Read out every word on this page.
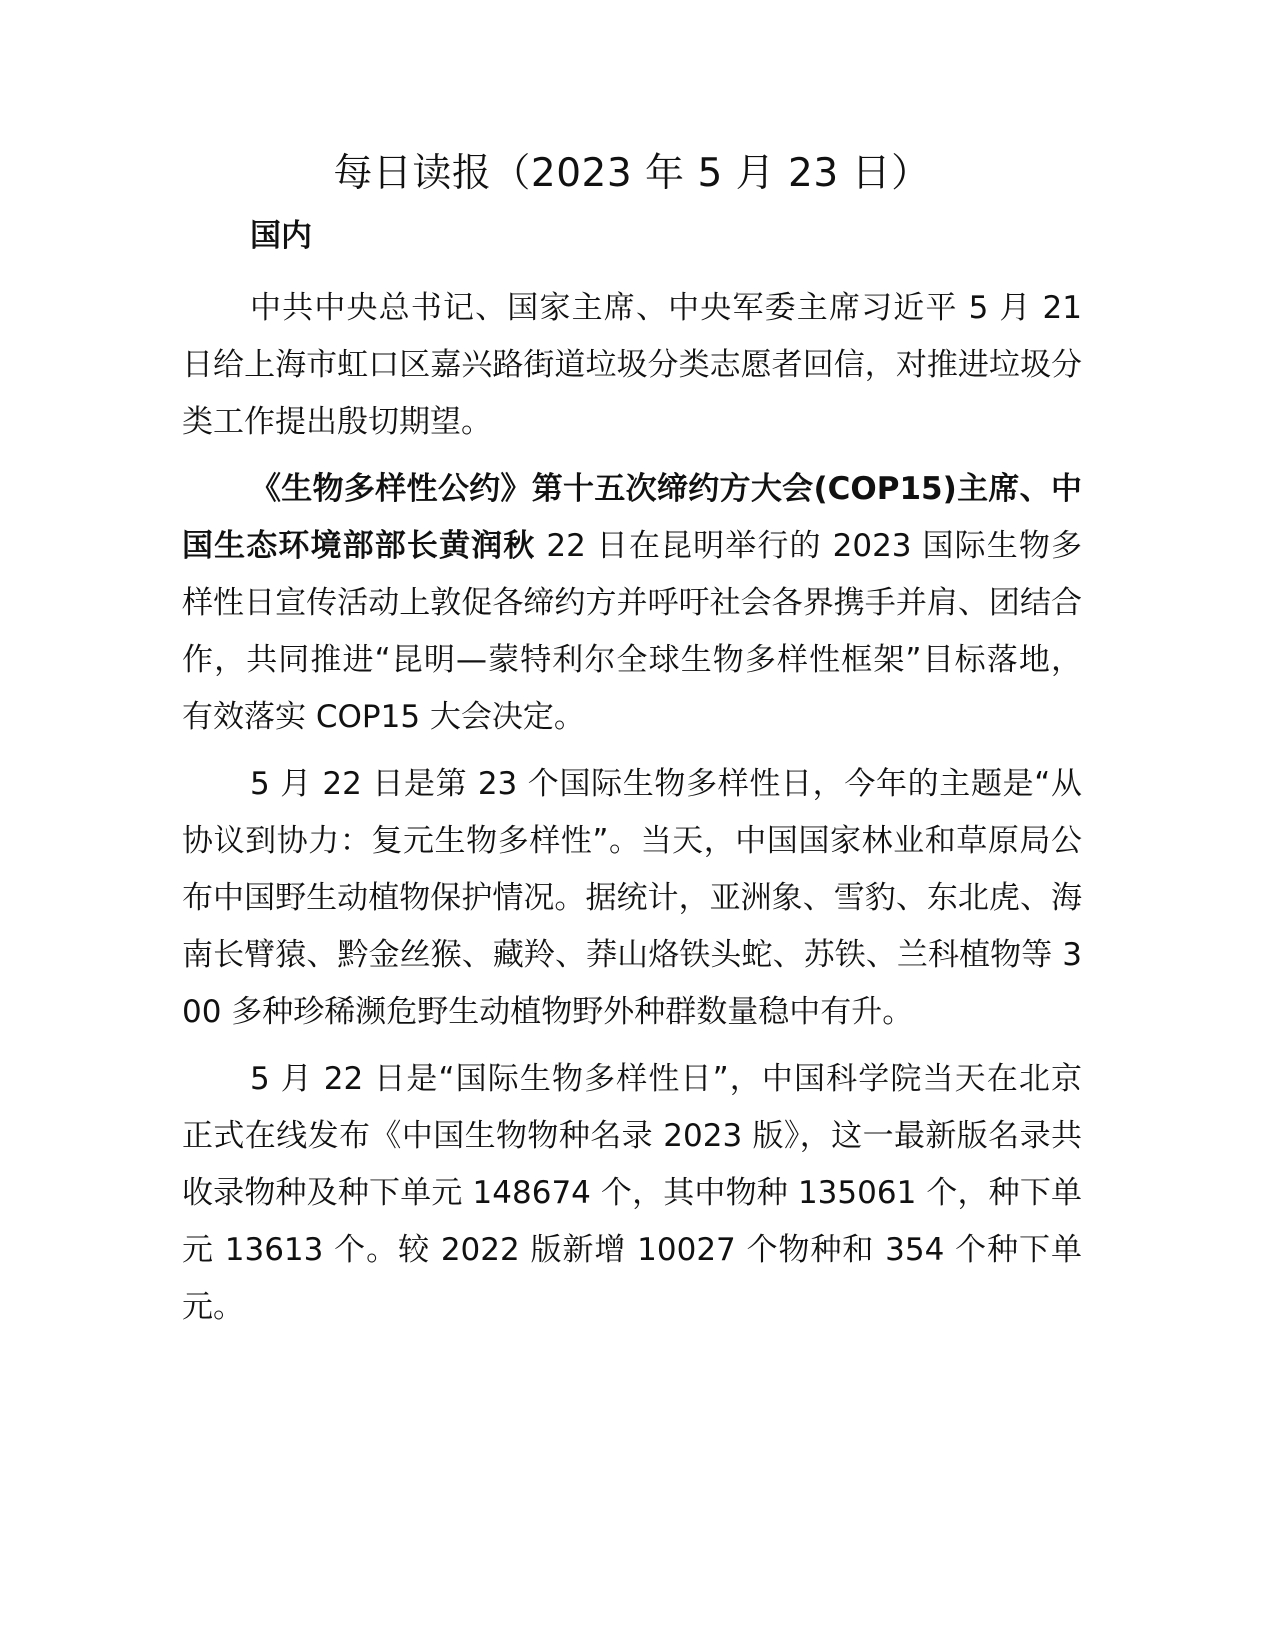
每日读报（2023 年 5 月 23 日）
国内

中共中央总书记、国家主席、中央军委主席习近平 5 月 21 日给上海市虹口区嘉兴路街道垃圾分类志愿者回信，对推进垃圾分类工作提出殷切期望。

《生物多样性公约》第十五次缔约方大会(COP15)主席、中国生态环境部部长黄润秋 22 日在昆明举行的 2023 国际生物多样性日宣传活动上敦促各缔约方并呼吁社会各界携手并肩、团结合作，共同推进“昆明—蒙特利尔全球生物多样性框架”目标落地，有效落实 COP15 大会决定。

5 月 22 日是第 23 个国际生物多样性日，今年的主题是“从协议到协力：复元生物多样性”。当天，中国国家林业和草原局公布中国野生动植物保护情况。据统计，亚洲象、雪豹、东北虎、海南长臂猿、黔金丝猴、藏羚、莽山烙铁头蛇、苏铁、兰科植物等 300 多种珍稀濒危野生动植物野外种群数量稳中有升。

5 月 22 日是“国际生物多样性日”，中国科学院当天在北京正式在线发布《中国生物物种名录 2023 版》，这一最新版名录共收录物种及种下单元 148674 个，其中物种 135061 个，种下单元 13613 个。较 2022 版新增 10027 个物种和 354 个种下单元。
